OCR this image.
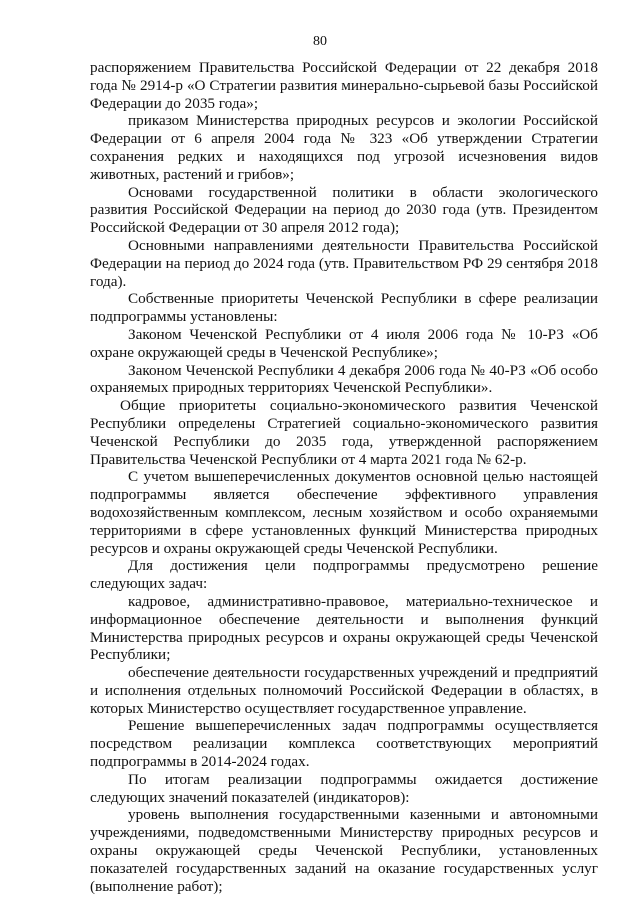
80

распоряжением Правительства Российской Федерации от 22 декабря 2018 года № 2914-р «О Стратегии развития минерально-сырьевой базы Российской Федерации до 2035 года»;

приказом Министерства природных ресурсов и экологии Российской Федерации от 6 апреля 2004 года № 323 «Об утверждении Стратегии сохранения редких и находящихся под угрозой исчезновения видов животных, растений и грибов»;

Основами государственной политики в области экологического развития Российской Федерации на период до 2030 года (утв. Президентом Российской Федерации от 30 апреля 2012 года);

Основными направлениями деятельности Правительства Российской Федерации на период до 2024 года (утв. Правительством РФ 29 сентября 2018 года).

Собственные приоритеты Чеченской Республики в сфере реализации подпрограммы установлены:

Законом Чеченской Республики от 4 июля 2006 года № 10-РЗ «Об охране окружающей среды в Чеченской Республике»;

Законом Чеченской Республики 4 декабря 2006 года № 40-РЗ «Об особо охраняемых природных территориях Чеченской Республики».

Общие приоритеты социально-экономического развития Чеченской Республики определены Стратегией социально-экономического развития Чеченской Республики до 2035 года, утвержденной распоряжением Правительства Чеченской Республики от 4 марта 2021 года № 62-р.

С учетом вышеперечисленных документов основной целью настоящей подпрограммы является обеспечение эффективного управления водохозяйственным комплексом, лесным хозяйством и особо охраняемыми территориями в сфере установленных функций Министерства природных ресурсов и охраны окружающей среды Чеченской Республики.

Для достижения цели подпрограммы предусмотрено решение следующих задач:

кадровое, административно-правовое, материально-техническое и информационное обеспечение деятельности и выполнения функций Министерства природных ресурсов и охраны окружающей среды Чеченской Республики;

обеспечение деятельности государственных учреждений и предприятий и исполнения отдельных полномочий Российской Федерации в областях, в которых Министерство осуществляет государственное управление.

Решение вышеперечисленных задач подпрограммы осуществляется посредством реализации комплекса соответствующих мероприятий подпрограммы в 2014-2024 годах.

По итогам реализации подпрограммы ожидается достижение следующих значений показателей (индикаторов):

уровень выполнения государственными казенными и автономными учреждениями, подведомственными Министерству природных ресурсов и охраны окружающей среды Чеченской Республики, установленных показателей государственных заданий на оказание государственных услуг (выполнение работ);
